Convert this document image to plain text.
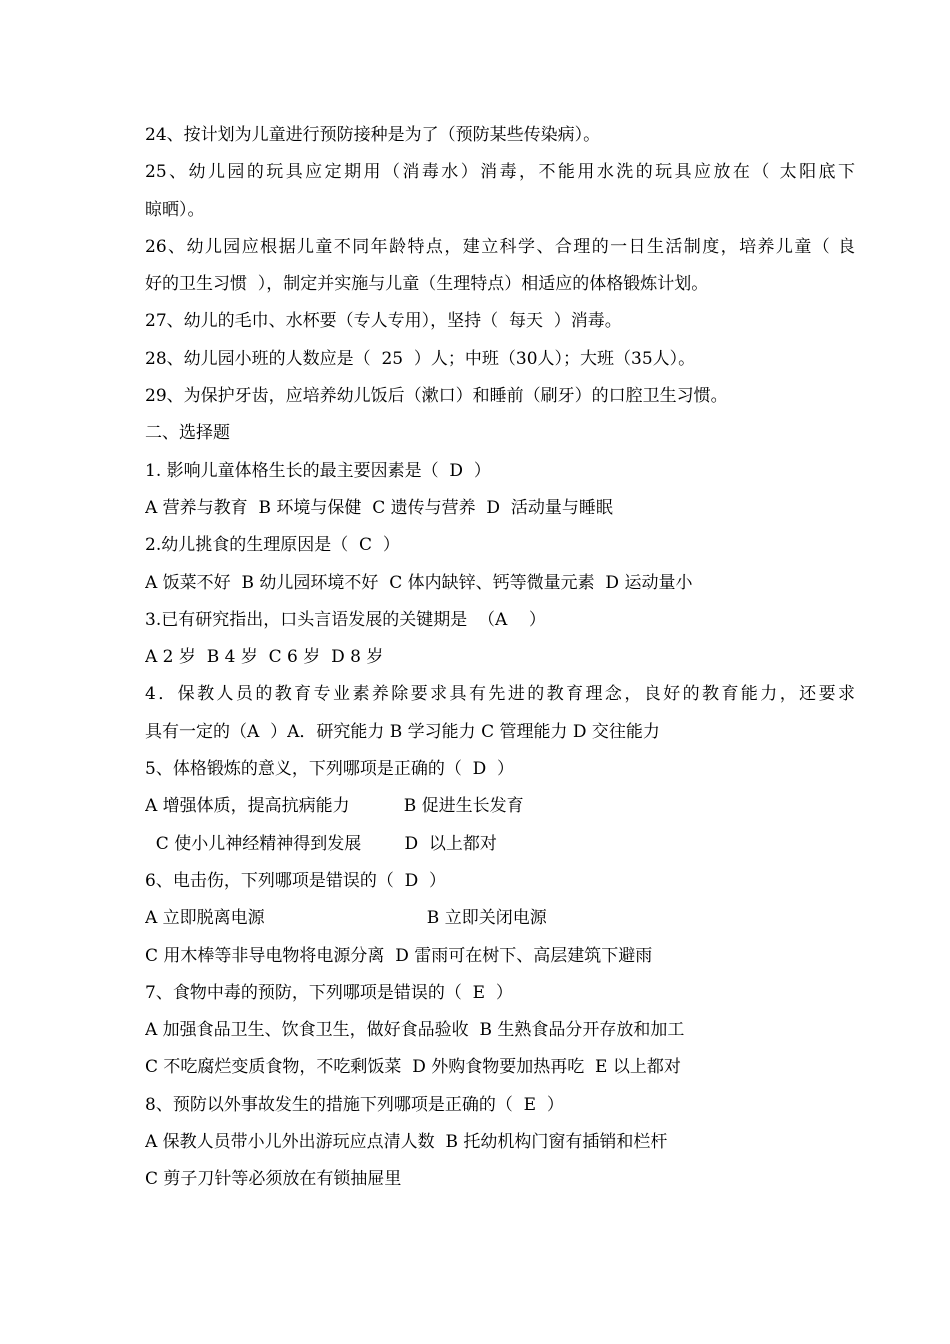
24、按计划为儿童进行预防接种是为了（预防某些传染病）。
25、幼儿园的玩具应定期用（消毒水）消毒，不能用水洗的玩具应放在（ 太阳底下
晾晒）。
26、幼儿园应根据儿童不同年龄特点，建立科学、合理的一日生活制度，培养儿童（ 良
好的卫生习惯  ），制定并实施与儿童（生理特点）相适应的体格锻炼计划。
27、幼儿的毛巾、水杯要（专人专用），坚持（  每天  ）消毒。
28、幼儿园小班的人数应是（  25  ）人；中班（30人）；大班（35人）。
29、为保护牙齿，应培养幼儿饭后（漱口）和睡前（刷牙）的口腔卫生习惯。
二、选择题
1. 影响儿童体格生长的最主要因素是（  D  ）
A 营养与教育  B 环境与保健  C 遗传与营养  D  活动量与睡眠
2.幼儿挑食的生理原因是（  C  ）
A 饭菜不好  B 幼儿园环境不好  C 体内缺锌、钙等微量元素  D 运动量小
3.已有研究指出，口头言语发展的关键期是  （A    ）
A 2 岁  B 4 岁  C 6 岁  D 8 岁
4．保教人员的教育专业素养除要求具有先进的教育理念，良好的教育能力，还要求
具有一定的（A  ）A．研究能力 B 学习能力 C 管理能力 D 交往能力
5、体格锻炼的意义，下列哪项是正确的（  D  ）
A 增强体质，提高抗病能力          B 促进生长发育
C 使小儿神经精神得到发展        D  以上都对
6、电击伤，下列哪项是错误的（  D  ）
A 立即脱离电源                              B 立即关闭电源
C 用木棒等非导电物将电源分离  D 雷雨可在树下、高层建筑下避雨
7、食物中毒的预防，下列哪项是错误的（  E  ）
A 加强食品卫生、饮食卫生，做好食品验收  B 生熟食品分开存放和加工
C 不吃腐烂变质食物，不吃剩饭菜  D 外购食物要加热再吃  E 以上都对
8、预防以外事故发生的措施下列哪项是正确的（  E  ）
A 保教人员带小儿外出游玩应点清人数  B 托幼机构门窗有插销和栏杆
C 剪子刀针等必须放在有锁抽屉里
